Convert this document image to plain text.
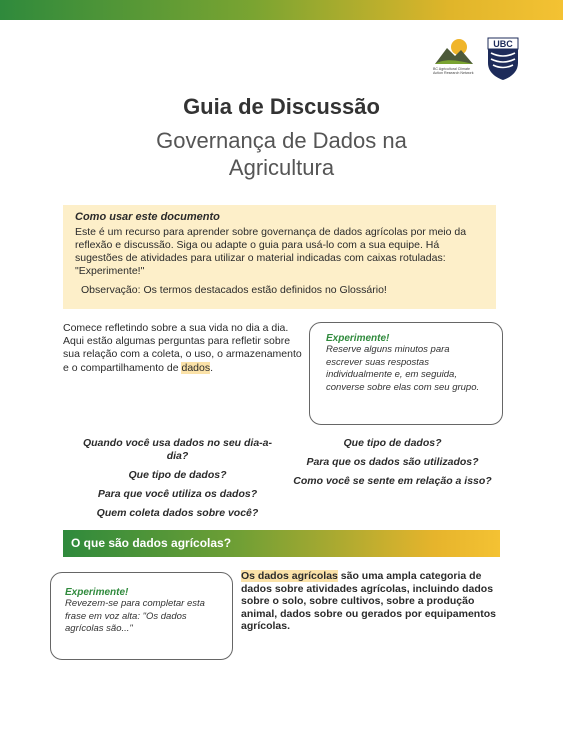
BC Agricultural Climate Action Research Network
UBC
Guia de Discussão
Governança de Dados na
Agricultura
Como usar este documento
Este é um recurso para aprender sobre governança de dados agrícolas por meio da reflexão e discussão. Siga ou adapte o guia para usá-lo com a sua equipe. Há sugestões de atividades para utilizar o material indicadas com caixas rotuladas: "Experimente!"
Observação: Os termos destacados estão definidos no Glossário!
Comece refletindo sobre a sua vida no dia a dia. Aqui estão algumas perguntas para refletir sobre sua relação com a coleta, o uso, o armazenamento e o compartilhamento de dados.
Experimente!
Reserve alguns minutos para escrever suas respostas individualmente e, em seguida, converse sobre elas com seu grupo.
Quando você usa dados no seu dia-a-dia?
Que tipo de dados?
Para que você utiliza os dados?
Quem coleta dados sobre você?
Que tipo de dados?
Para que os dados são utilizados?
Como você se sente em relação a isso?
O que são dados agrícolas?
Experimente!
Revezem-se para completar esta frase em voz alta: "Os dados agrícolas são..."
Os dados agrícolas são uma ampla categoria de dados sobre atividades agrícolas, incluindo dados sobre o solo, sobre cultivos, sobre a produção animal, dados sobre ou gerados por equipamentos agrícolas.
